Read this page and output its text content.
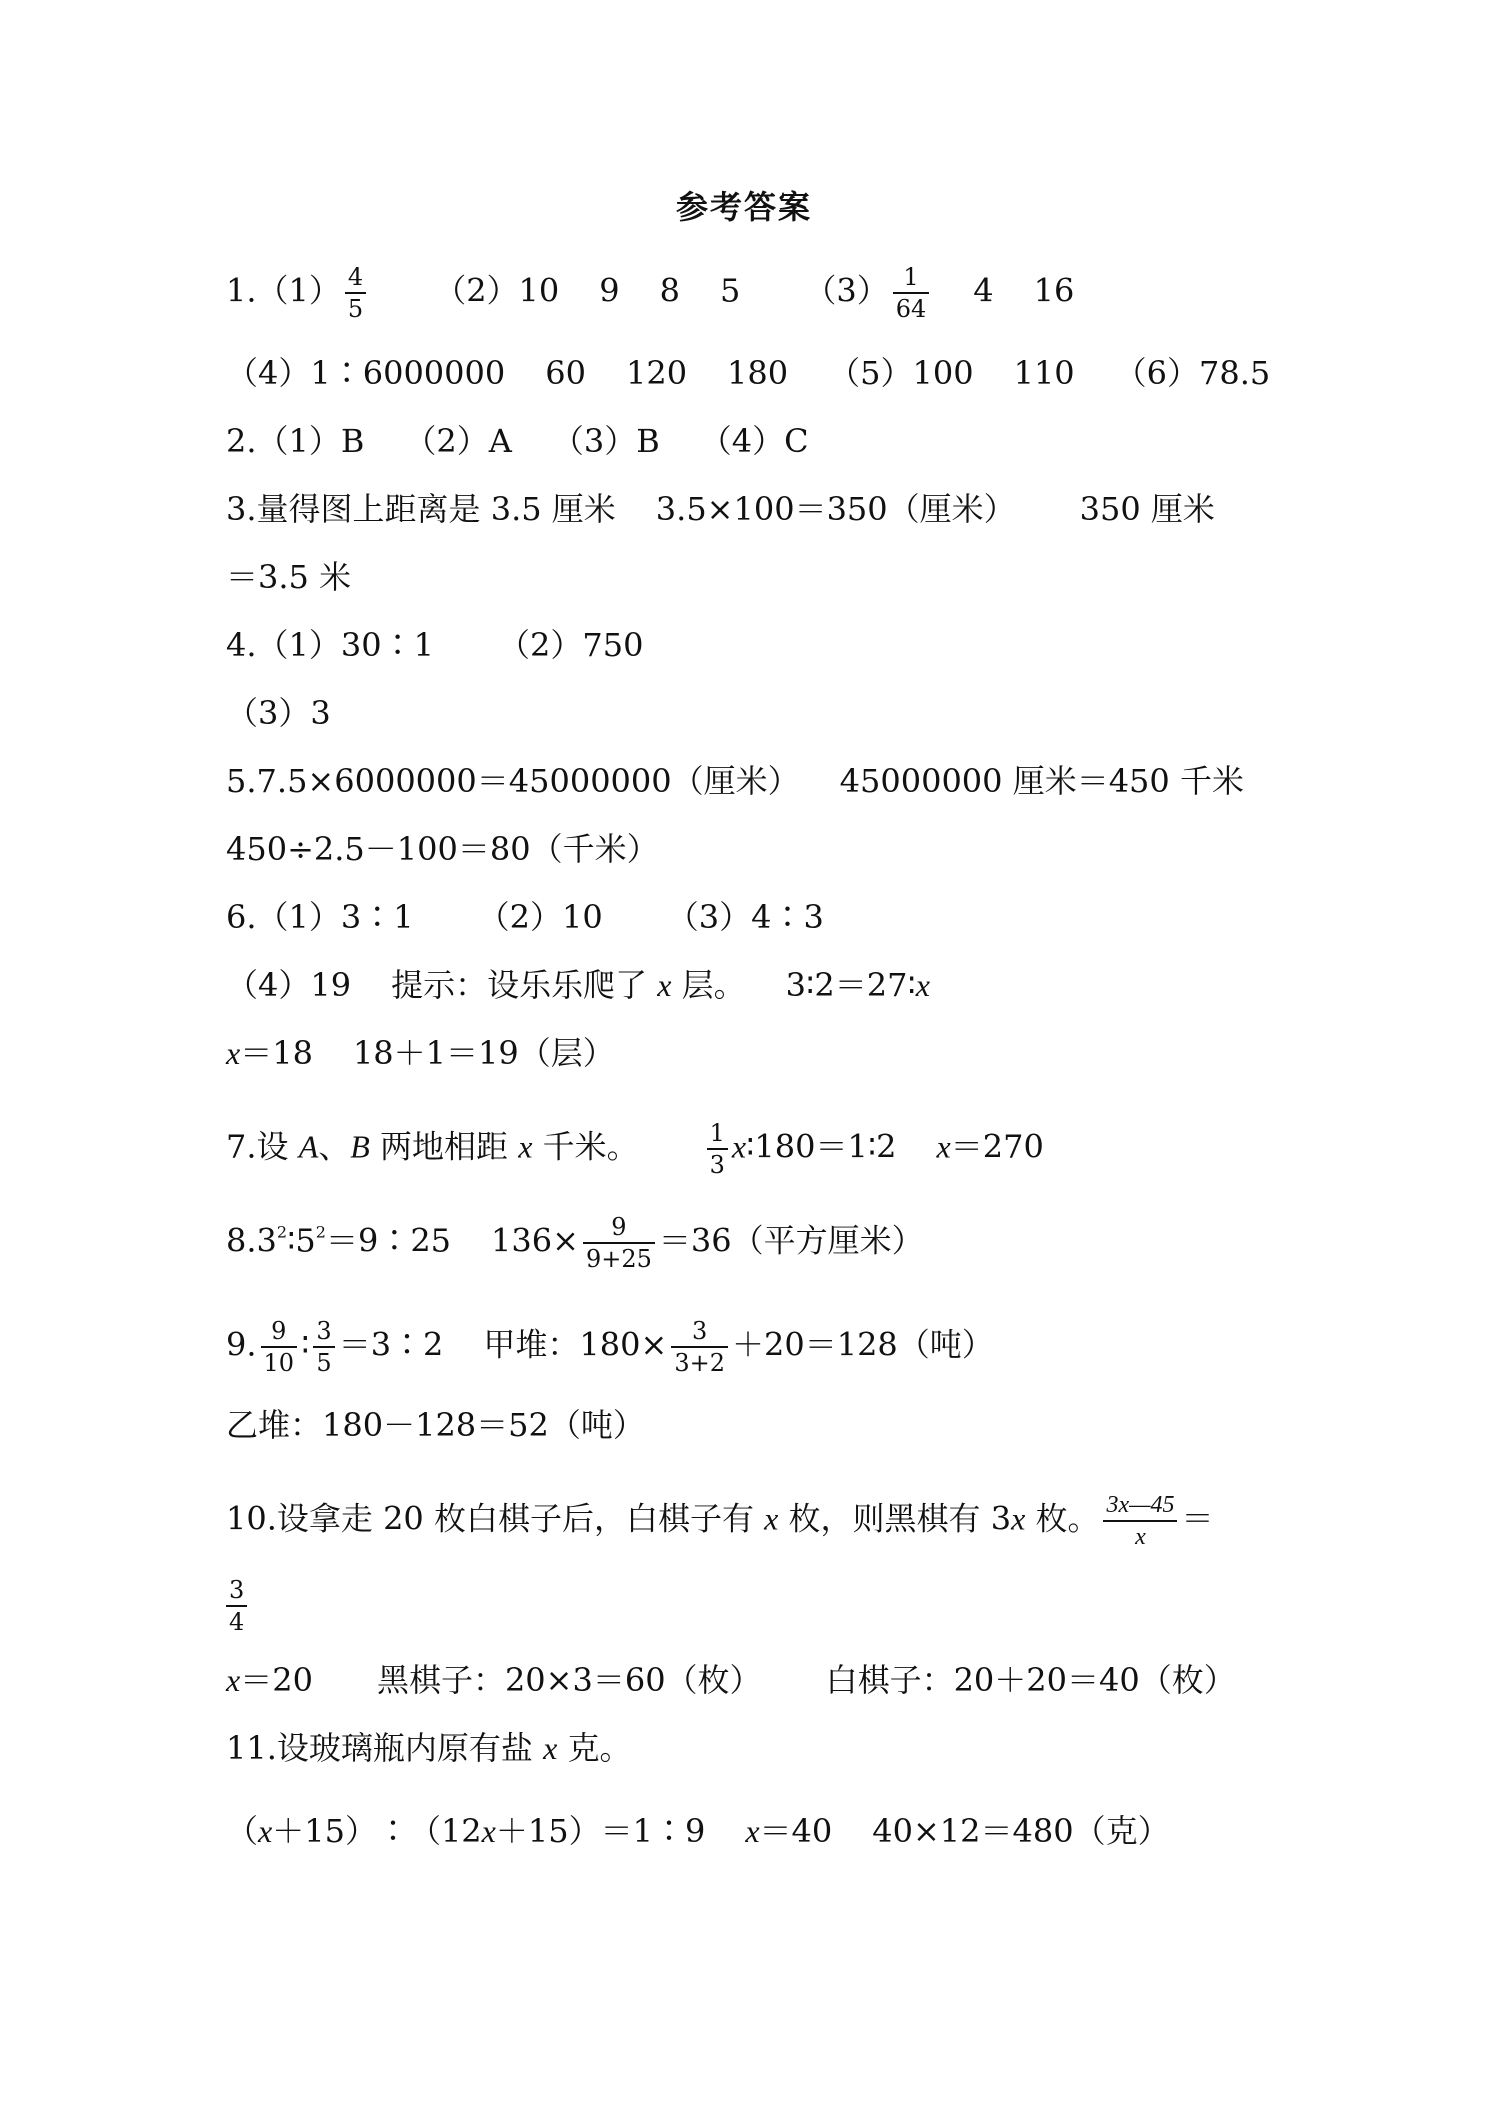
参考答案
$1.(1) \frac{4}{5} (2)10$ 9 8 5 $(3) \frac{1}{64} 4$ 16
（4）1∶6000000 60 120 180 （5）100 110 （6）78.5
2.（1）B （2）A （3）B （4）C
3.量得图上距离是 3.5 厘米 3.5×100＝350（厘米） 350 厘米
＝3.5 米
4.（1）30∶1 （2）750
（3）3
5.7.5×6000000＝45000000（厘米） 45000000 厘米＝450 千米
450÷2.5－100＝80（千米）
6.（1）3∶1 （2）10 （3）4∶3
（4）19 提示：设乐乐爬了 x 层。 3∶2＝27∶x
x＝18 18＋1＝19（层）
7.设 A、B 两地相距 x 千米。	$\frac{1}{3}$ x∶180＝1∶2 x＝270
$8.3^2∶5^2=9∶25$ $136\times \frac{9}{9+25} =36$（平方厘米）
9. $\frac{9}{10}$ ∶ $\frac{3}{5}$ ＝3∶2 甲堆：$180\times \frac{3}{3+2} +20=128$（吨）
乙堆：180－128＝52（吨）
10.设拿走 20 枚白棋子后，白棋子有 x 枚，则黑棋有 3x 枚。 $\frac{3x—45}{x}$ ＝
$\frac{3}{4}$
x＝20 黑棋子：20×3＝60（枚） 白棋子：20＋20＝40（枚）
11.设玻璃瓶内原有盐 x 克。
（x＋15）∶（12x＋15）＝1∶9 x＝40 40×12＝480（克）
